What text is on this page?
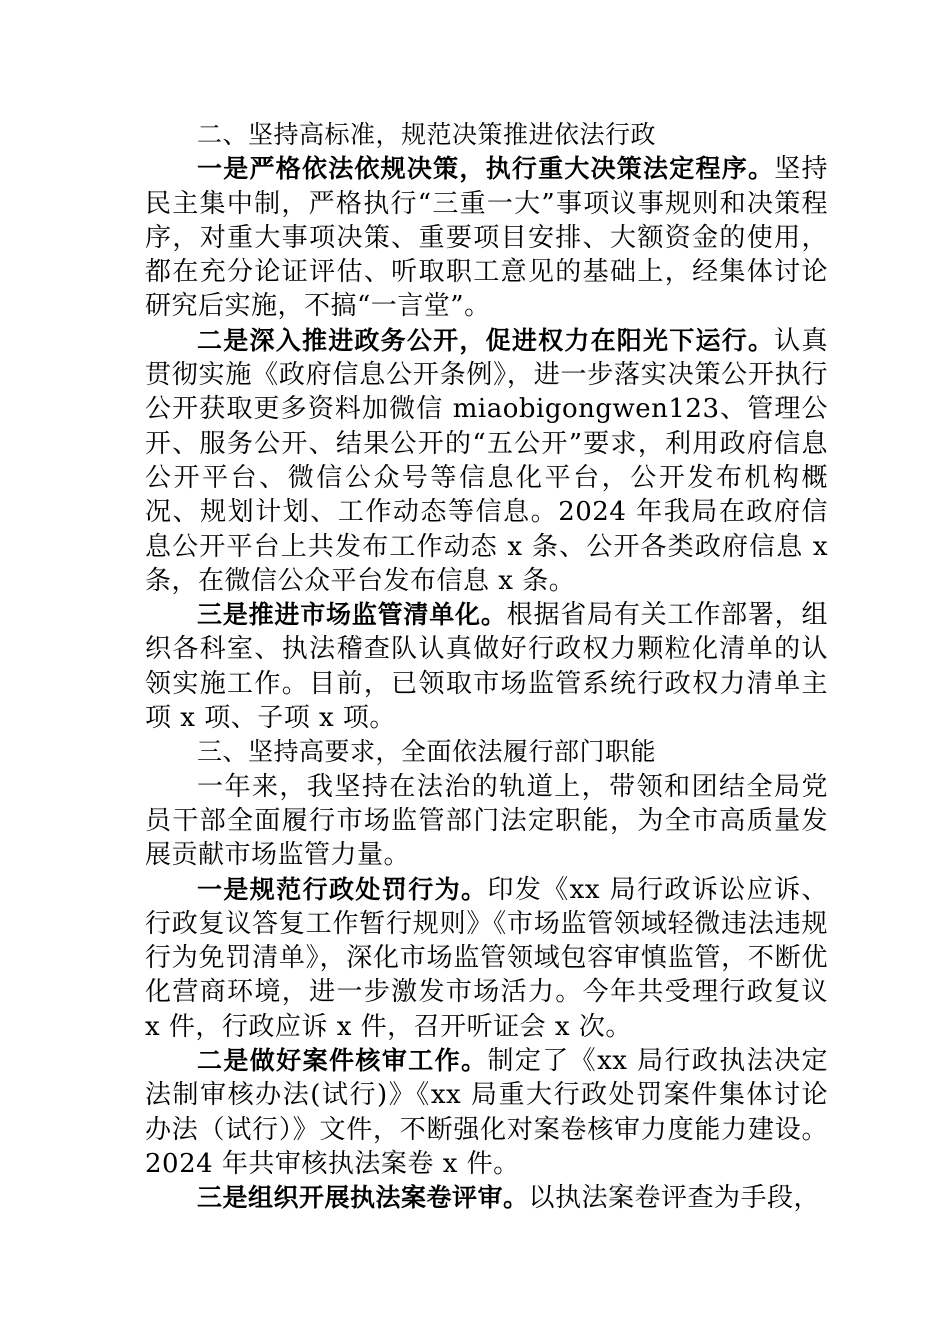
二、坚持高标准，规范决策推进依法行政

一是严格依法依规决策，执行重大决策法定程序。坚持民主集中制，严格执行“三重一大”事项议事规则和决策程序，对重大事项决策、重要项目安排、大额资金的使用，都在充分论证评估、听取职工意见的基础上，经集体讨论研究后实施，不搞“一言堂”。

二是深入推进政务公开，促进权力在阳光下运行。认真贯彻实施《政府信息公开条例》，进一步落实决策公开执行公开获取更多资料加微信 miaobigongwen123、管理公开、服务公开、结果公开的“五公开”要求，利用政府信息公开平台、微信公众号等信息化平台，公开发布机构概况、规划计划、工作动态等信息。2024 年我局在政府信息公开平台上共发布工作动态 x 条、公开各类政府信息 x 条，在微信公众平台发布信息 x 条。

三是推进市场监管清单化。根据省局有关工作部署，组织各科室、执法稽查队认真做好行政权力颗粒化清单的认领实施工作。目前，已领取市场监管系统行政权力清单主项 x 项、子项 x 项。

三、坚持高要求，全面依法履行部门职能

一年来，我坚持在法治的轨道上，带领和团结全局党员干部全面履行市场监管部门法定职能，为全市高质量发展贡献市场监管力量。

一是规范行政处罚行为。印发《xx 局行政诉讼应诉、行政复议答复工作暂行规则》《市场监管领域轻微违法违规行为免罚清单》，深化市场监管领域包容审慎监管，不断优化营商环境，进一步激发市场活力。今年共受理行政复议 x 件，行政应诉 x 件，召开听证会 x 次。

二是做好案件核审工作。制定了《xx 局行政执法决定法制审核办法(试行)》《xx 局重大行政处罚案件集体讨论办法（试行）》文件，不断强化对案卷核审力度能力建设。2024 年共审核执法案卷 x 件。

三是组织开展执法案卷评审。以执法案卷评查为手段，
